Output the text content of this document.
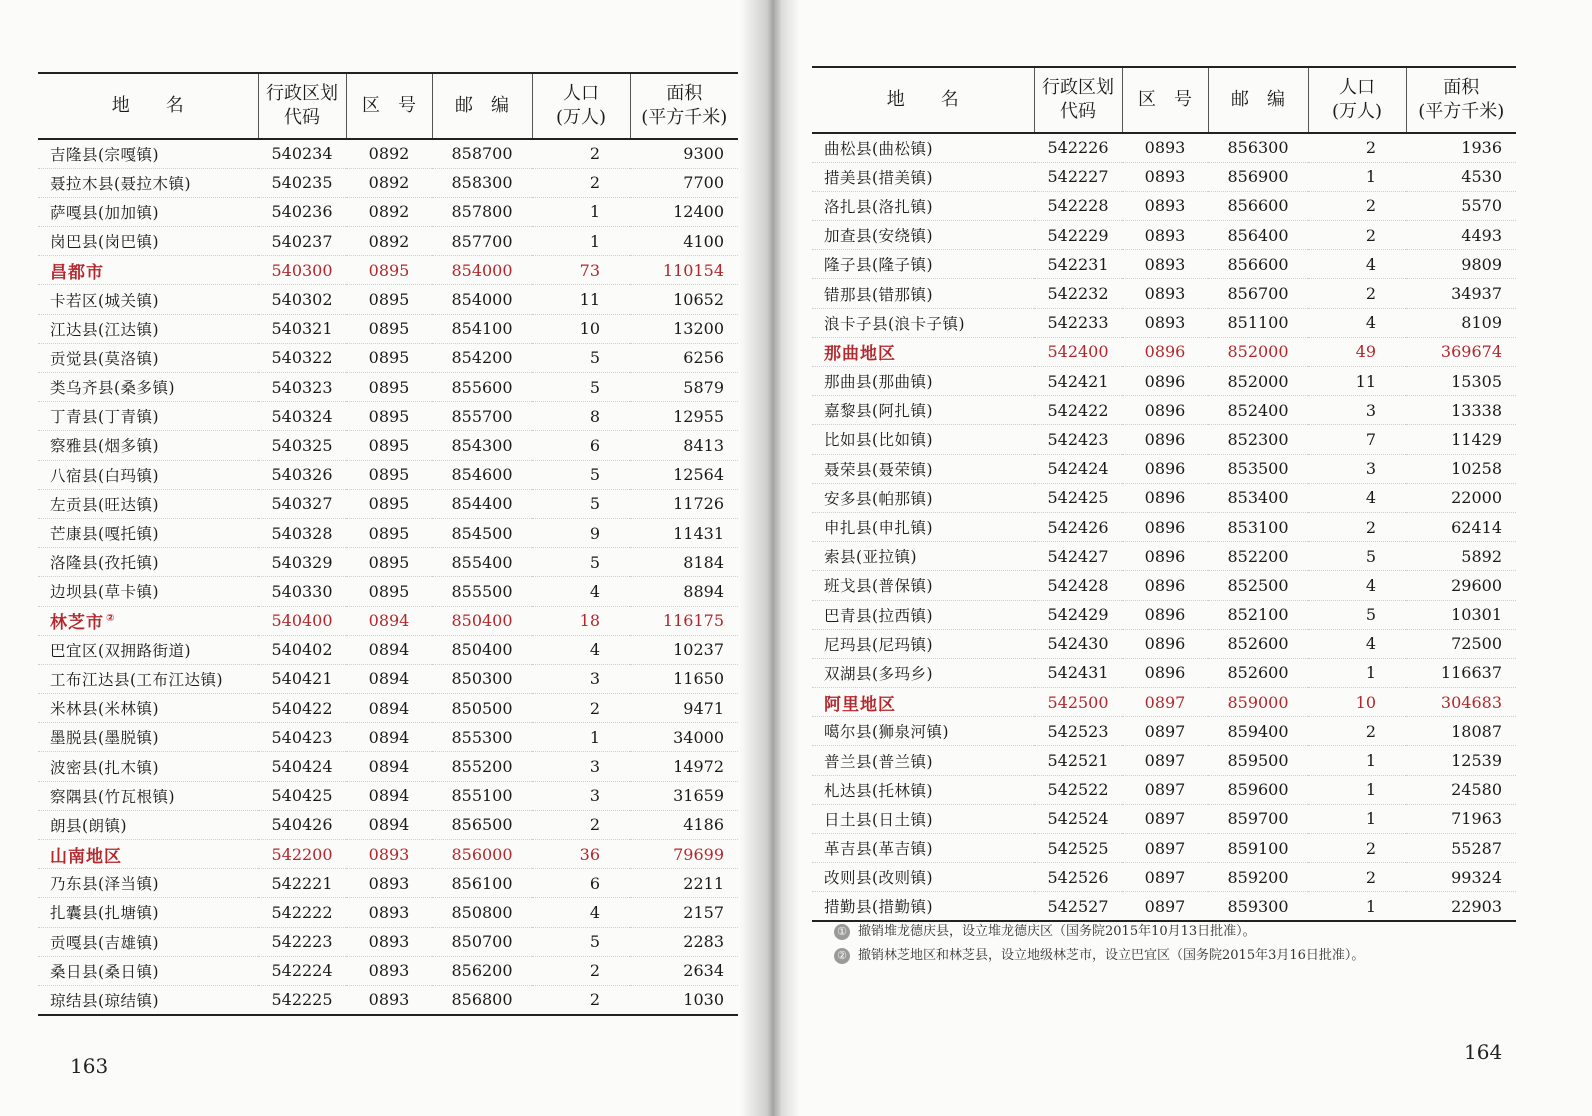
地　　名	行政区划
代码	区　号	邮　编	人口
(万人)	面积
(平方千米)
吉隆县(宗嘎镇)	540234	0892	858700	2	9300
聂拉木县(聂拉木镇)	540235	0892	858300	2	7700
萨嘎县(加加镇)	540236	0892	857800	1	12400
岗巴县(岗巴镇)	540237	0892	857700	1	4100
昌都市	540300	0895	854000	73	110154
卡若区(城关镇)	540302	0895	854000	11	10652
江达县(江达镇)	540321	0895	854100	10	13200
贡觉县(莫洛镇)	540322	0895	854200	5	6256
类乌齐县(桑多镇)	540323	0895	855600	5	5879
丁青县(丁青镇)	540324	0895	855700	8	12955
察雅县(烟多镇)	540325	0895	854300	6	8413
八宿县(白玛镇)	540326	0895	854600	5	12564
左贡县(旺达镇)	540327	0895	854400	5	11726
芒康县(嘎托镇)	540328	0895	854500	9	11431
洛隆县(孜托镇)	540329	0895	855400	5	8184
边坝县(草卡镇)	540330	0895	855500	4	8894
林芝市 ②	540400	0894	850400	18	116175
巴宜区(双拥路街道)	540402	0894	850400	4	10237
工布江达县(工布江达镇)	540421	0894	850300	3	11650
米林县(米林镇)	540422	0894	850500	2	9471
墨脱县(墨脱镇)	540423	0894	855300	1	34000
波密县(扎木镇)	540424	0894	855200	3	14972
察隅县(竹瓦根镇)	540425	0894	855100	3	31659
朗县(朗镇)	540426	0894	856500	2	4186
山南地区	542200	0893	856000	36	79699
乃东县(泽当镇)	542221	0893	856100	6	2211
扎囊县(扎塘镇)	542222	0893	850800	4	2157
贡嘎县(吉雄镇)	542223	0893	850700	5	2283
桑日县(桑日镇)	542224	0893	856200	2	2634
琼结县(琼结镇)	542225	0893	856800	2	1030
163
地　　名	行政区划
代码	区　号	邮　编	人口
(万人)	面积
(平方千米)
曲松县(曲松镇)	542226	0893	856300	2	1936
措美县(措美镇)	542227	0893	856900	1	4530
洛扎县(洛扎镇)	542228	0893	856600	2	5570
加查县(安绕镇)	542229	0893	856400	2	4493
隆子县(隆子镇)	542231	0893	856600	4	9809
错那县(错那镇)	542232	0893	856700	2	34937
浪卡子县(浪卡子镇)	542233	0893	851100	4	8109
那曲地区	542400	0896	852000	49	369674
那曲县(那曲镇)	542421	0896	852000	11	15305
嘉黎县(阿扎镇)	542422	0896	852400	3	13338
比如县(比如镇)	542423	0896	852300	7	11429
聂荣县(聂荣镇)	542424	0896	853500	3	10258
安多县(帕那镇)	542425	0896	853400	4	22000
申扎县(申扎镇)	542426	0896	853100	2	62414
索县(亚拉镇)	542427	0896	852200	5	5892
班戈县(普保镇)	542428	0896	852500	4	29600
巴青县(拉西镇)	542429	0896	852100	5	10301
尼玛县(尼玛镇)	542430	0896	852600	4	72500
双湖县(多玛乡)	542431	0896	852600	1	116637
阿里地区	542500	0897	859000	10	304683
噶尔县(狮泉河镇)	542523	0897	859400	2	18087
普兰县(普兰镇)	542521	0897	859500	1	12539
札达县(托林镇)	542522	0897	859600	1	24580
日土县(日土镇)	542524	0897	859700	1	71963
革吉县(革吉镇)	542525	0897	859100	2	55287
改则县(改则镇)	542526	0897	859200	2	99324
措勤县(措勤镇)	542527	0897	859300	1	22903
① 撤销堆龙德庆县，设立堆龙德庆区（国务院2015年10月13日批准）。
② 撤销林芝地区和林芝县，设立地级林芝市，设立巴宜区（国务院2015年3月16日批准）。
164
